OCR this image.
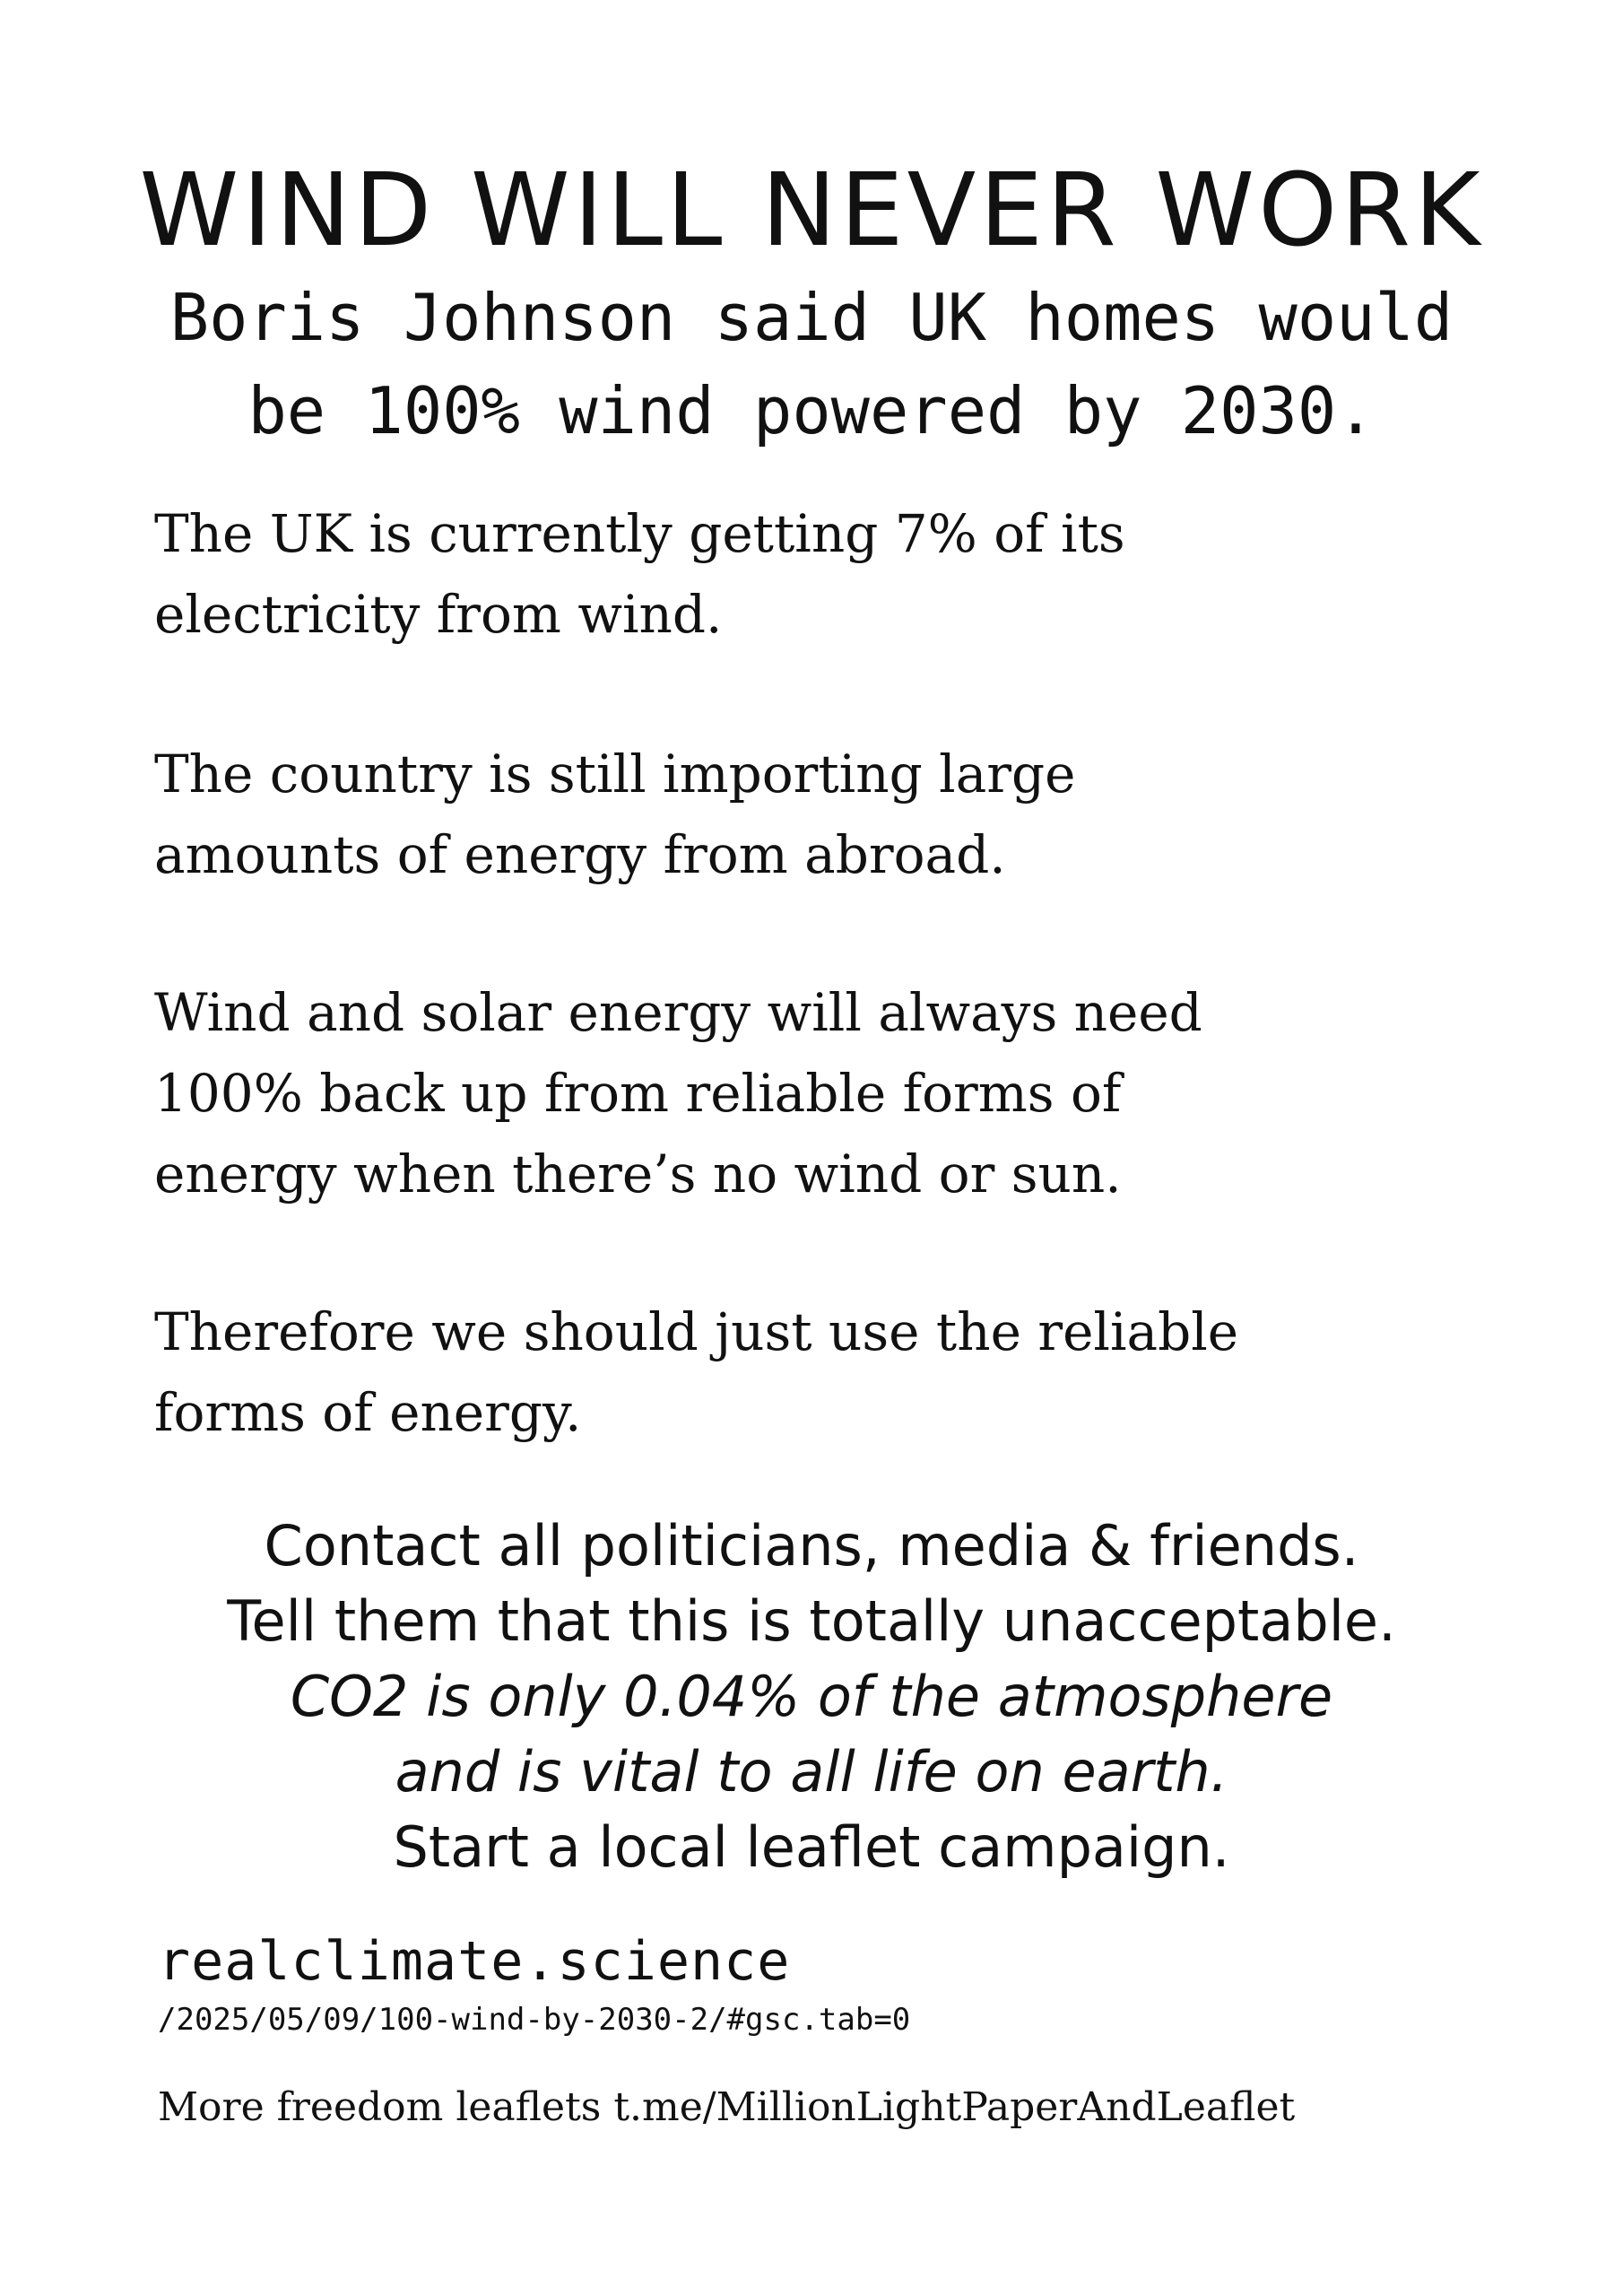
WIND WILL NEVER WORK
Boris Johnson said UK homes would
be 100% wind powered by 2030.
The UK is currently getting 7% of its
electricity from wind.
The country is still importing large
amounts of energy from abroad.
Wind and solar energy will always need
100% back up from reliable forms of
energy when there’s no wind or sun.
Therefore we should just use the reliable
forms of energy.
Contact all politicians, media & friends.
Tell them that this is totally unacceptable.
CO2 is only 0.04% of the atmosphere
and is vital to all life on earth.
Start a local leaflet campaign.
realclimate.science
/2025/05/09/100-wind-by-2030-2/#gsc.tab=0
More freedom leaflets t.me/MillionLightPaperAndLeaflet
